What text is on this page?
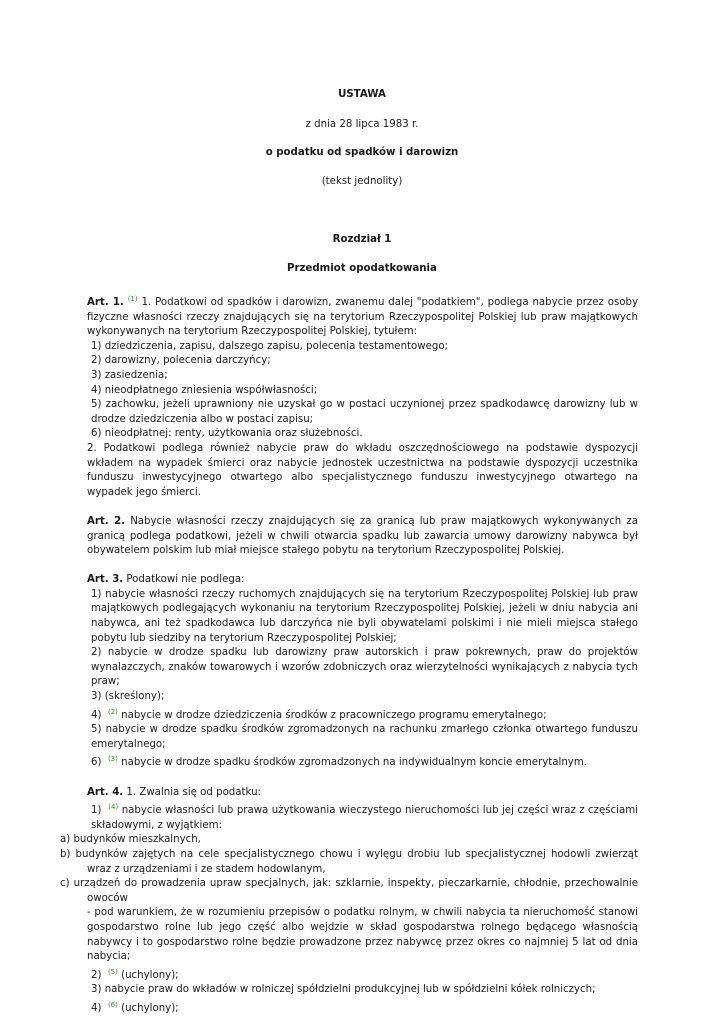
USTAWA

z dnia 28 lipca 1983 r.

o podatku od spadków i darowizn

(tekst jednolity)

Rozdział 1

Przedmiot opodatkowania

Art. 1. $^{(1)}$ 1. Podatkowi od spadków i darowizn, zwanemu dalej "podatkiem", podlega nabycie przez osoby fizyczne własności rzeczy znajdujących się na terytorium Rzeczypospolitej Polskiej lub praw majątkowych wykonywanych na terytorium Rzeczypospolitej Polskiej, tytułem:

1) dziedziczenia, zapisu, dalszego zapisu, polecenia testamentowego;

2) darowizny, polecenia darczyńcy;

3) zasiedzenia;

4) nieodpłatnego zniesienia współwłasności;

5) zachowku, jeżeli uprawniony nie uzyskał go w postaci uczynionej przez spadkodawcę darowizny lub w drodze dziedziczenia albo w postaci zapisu;

6) nieodpłatnej: renty, użytkowania oraz służebności.

2. Podatkowi podlega również nabycie praw do wkładu oszczędnościowego na podstawie dyspozycji wkładem na wypadek śmierci oraz nabycie jednostek uczestnictwa na podstawie dyspozycji uczestnika funduszu inwestycyjnego otwartego albo specjalistycznego funduszu inwestycyjnego otwartego na wypadek jego śmierci.

Art. 2. Nabycie własności rzeczy znajdujących się za granicą lub praw majątkowych wykonywanych za granicą podlega podatkowi, jeżeli w chwili otwarcia spadku lub zawarcia umowy darowizny nabywca był obywatelem polskim lub miał miejsce stałego pobytu na terytorium Rzeczypospolitej Polskiej.

Art. 3. Podatkowi nie podlega:

1) nabycie własności rzeczy ruchomych znajdujących się na terytorium Rzeczypospolitej Polskiej lub praw majątkowych podlegających wykonaniu na terytorium Rzeczypospolitej Polskiej, jeżeli w dniu nabycia ani nabywca, ani też spadkodawca lub darczyńca nie byli obywatelami polskimi i nie mieli miejsca stałego pobytu lub siedziby na terytorium Rzeczypospolitej Polskiej;

2) nabycie w drodze spadku lub darowizny praw autorskich i praw pokrewnych, praw do projektów wynalazczych, znaków towarowych i wzorów zdobniczych oraz wierzytelności wynikających z nabycia tych praw;

3) (skreślony);

4) $^{(2)}$ nabycie w drodze dziedziczenia środków z pracowniczego programu emerytalnego;

5) nabycie w drodze spadku środków zgromadzonych na rachunku zmarłego członka otwartego funduszu emerytalnego;

6) $^{(3)}$ nabycie w drodze spadku środków zgromadzonych na indywidualnym koncie emerytalnym.

Art. 4. 1. Zwalnia się od podatku:

1) $^{(4)}$ nabycie własności lub prawa użytkowania wieczystego nieruchomości lub jej części wraz z częściami składowymi, z wyjątkiem:

a) budynków mieszkalnych,

b) budynków zajętych na cele specjalistycznego chowu i wylęgu drobiu lub specjalistycznej hodowli zwierząt wraz z urządzeniami i ze stadem hodowlanym,

c) urządzeń do prowadzenia upraw specjalnych, jak: szklarnie, inspekty, pieczarkarnie, chłodnie, przechowalnie owoców

- pod warunkiem, że w rozumieniu przepisów o podatku rolnym, w chwili nabycia ta nieruchomość stanowi gospodarstwo rolne lub jego część albo wejdzie w skład gospodarstwa rolnego będącego własnością nabywcy i to gospodarstwo rolne będzie prowadzone przez nabywcę przez okres co najmniej 5 lat od dnia nabycia;

2) $^{(5)}$ (uchylony);

3) nabycie praw do wkładów w rolniczej spółdzielni produkcyjnej lub w spółdzielni kółek rolniczych;

4) $^{(6)}$ (uchylony);
